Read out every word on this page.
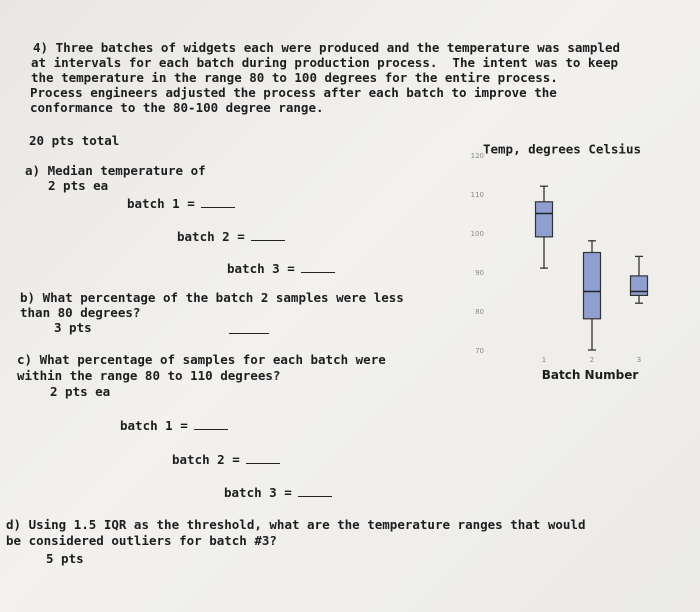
4) Three batches of widgets each were produced and the temperature was sampled
at intervals for each batch during production process.  The intent was to keep
the temperature in the range 80 to 100 degrees for the entire process.
Process engineers adjusted the process after each batch to improve the
conformance to the 80-100 degree range.
20 pts total
a) Median temperature of
2 pts ea
batch 1 =
batch 2 =
batch 3 =
b) What percentage of the batch 2 samples were less
than 80 degrees?
3 pts
c) What percentage of samples for each batch were
within the range 80 to 110 degrees?
2 pts ea
batch 1 =
batch 2 =
batch 3 =
d) Using 1.5 IQR as the threshold, what are the temperature ranges that would
be considered outliers for batch #3?
5 pts
Temp, degrees Celsius
70
80
90
100
110
120
1	2	3
Batch Number
